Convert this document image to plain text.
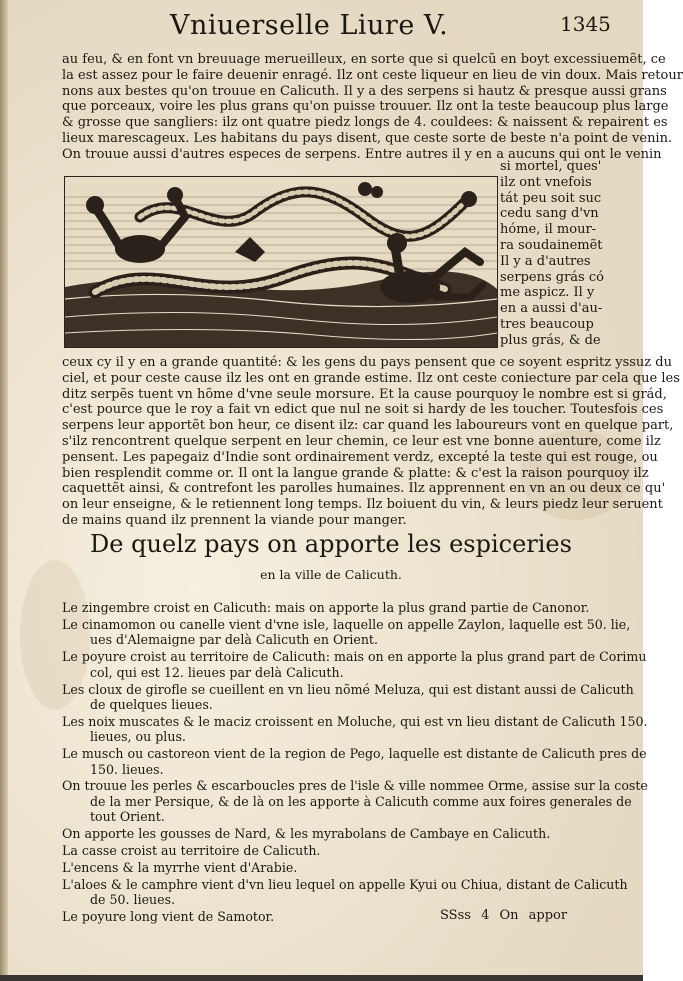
Vniuerselle Liure V.	1345
au feu, & en font vn breuuage merueilleux, en sorte que si quelcũ en boyt excessiuemẽt, ce
la est assez pour le faire deuenir enragé. Ilz ont ceste liqueur en lieu de vin doux. Mais retour
nons aux bestes qu'on trouue en Calicuth. Il y a des serpens si hautz & presque aussi grans
que porceaux, voire les plus grans qu'on puisse trouuer. Ilz ont la teste beaucoup plus large
& grosse que sangliers: ilz ont quatre piedz longs de 4. couldees: & naissent & repairent es
lieux marescageux. Les habitans du pays disent, que ceste sorte de beste n'a point de venin.
On trouue aussi d'autres especes de serpens. Entre autres il y en a aucuns qui ont le venin
si mortel, ques'
ilz ont vnefois
tát peu soit suc
cedu sang d'vn
hóme, il mour-
ra soudainemẽt
Il y a d'autres
serpens grás có
me aspicz. Il y
en a aussi d'au-
tres beaucoup
plus grás, & de
ceux cy il y en a grande quantité: & les gens du pays pensent que ce soyent espritz yssuz du
ciel, et pour ceste cause ilz les ont en grande estime. Ilz ont ceste coniecture par cela que les
ditz serpẽs tuent vn hõme d'vne seule morsure. Et la cause pourquoy le nombre est si grád,
c'est pource que le roy a fait vn edict que nul ne soit si hardy de les toucher. Toutesfois ces
serpens leur apportẽt bon heur, ce disent ilz: car quand les laboureurs vont en quelque part,
s'ilz rencontrent quelque serpent en leur chemin, ce leur est vne bonne auenture, come ilz
pensent. Les papegaiz d'Indie sont ordinairement verdz, excepté la teste qui est rouge, ou
bien resplendit comme or. Il ont la langue grande & platte: & c'est la raison pourquoy ilz
caquettẽt ainsi, & contrefont les parolles humaines. Ilz apprennent en vn an ou deux ce qu'
on leur enseigne, & le retiennent long temps. Ilz boiuent du vin, & leurs piedz leur seruent
de mains quand ilz prennent la viande pour manger.
De quelz pays on apporte les espiceries
en la ville de Calicuth.
Le zingembre croist en Calicuth: mais on apporte la plus grand partie de Canonor.
Le cinamomon ou canelle vient d'vne isle, laquelle on appelle Zaylon, laquelle est 50. lie,
ues d'Alemaigne par delà Calicuth en Orient.
Le poyure croist au territoire de Calicuth: mais on en apporte la plus grand part de Corimu
col, qui est 12. lieues par delà Calicuth.
Les cloux de girofle se cueillent en vn lieu nõmé Meluza, qui est distant aussi de Calicuth
de quelques lieues.
Les noix muscates & le maciz croissent en Moluche, qui est vn lieu distant de Calicuth 150.
lieues, ou plus.
Le musch ou castoreon vient de la region de Pego, laquelle est distante de Calicuth pres de
150. lieues.
On trouue les perles & escarboucles pres de l'isle & ville nommee Orme, assise sur la coste
de la mer Persique, & de là on les apporte à Calicuth comme aux foires generales de
tout Orient.
On apporte les gousses de Nard, & les myrabolans de Cambaye en Calicuth.
La casse croist au territoire de Calicuth.
L'encens & la myrrhe vient d'Arabie.
L'aloes & le camphre vient d'vn lieu lequel on appelle Kyui ou Chiua, distant de Calicuth
de 50. lieues.
Le poyure long vient de Samotor.	SSss 4 On appor
